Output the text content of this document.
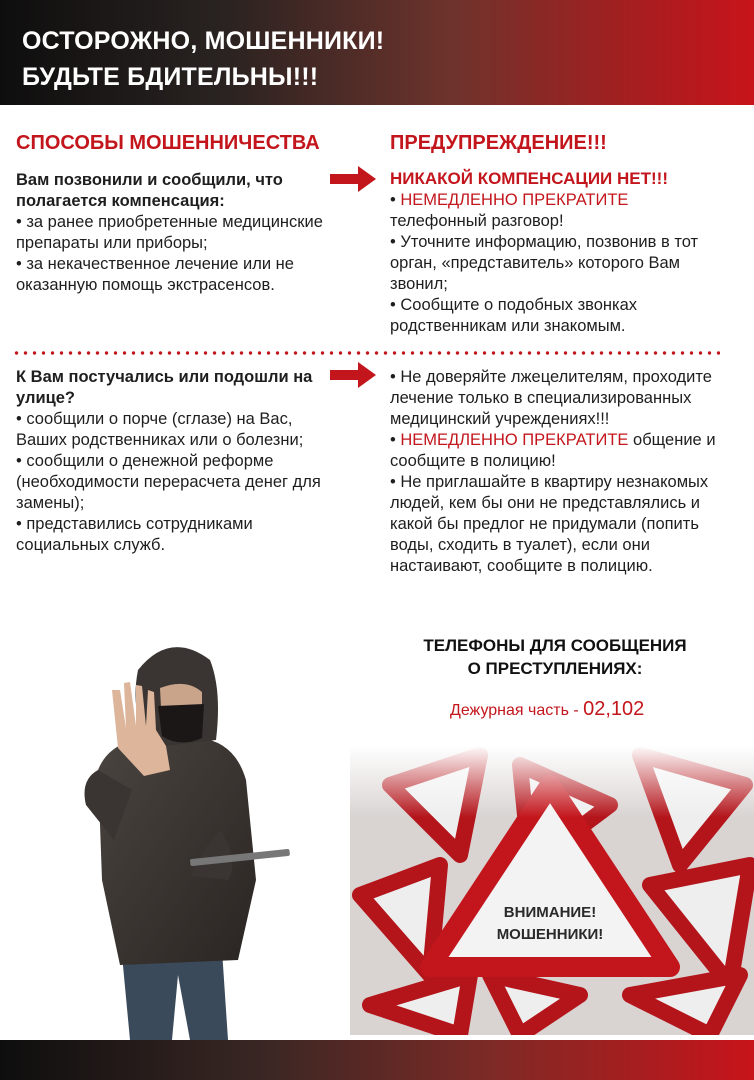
ОСТОРОЖНО, МОШЕННИКИ!
БУДЬТЕ БДИТЕЛЬНЫ!!!
СПОСОБЫ МОШЕННИЧЕСТВА	ПРЕДУПРЕЖДЕНИЕ!!!

Вам позвонили и сообщили, что полагается компенсация:

• за ранее приобретенные медицинские препараты или приборы;

• за некачественное лечение или не оказанную помощь экстрасенсов.

НИКАКОЙ КОМПЕНСАЦИИ НЕТ!!!

• НЕМЕДЛЕННО ПРЕКРАТИТЕ

телефонный разговор!

• Уточните информацию, позвонив в тот орган, «представитель» которого Вам звонил;

• Сообщите о подобных звонках родственникам или знакомым.

К Вам постучались или подошли на улице?

• сообщили о порче (сглазе) на Вас, Ваших родственниках или о болезни;

• сообщили о денежной реформе (необходимости перерасчета денег для замены);

• представились сотрудниками социальных служб.

• Не доверяйте лжецелителям, проходите лечение только в специализированных медицинский учреждениях!!!

• НЕМЕДЛЕННО ПРЕКРАТИТЕ общение и сообщите в полицию!

• Не приглашайте в квартиру незнакомых людей, кем бы они не представлялись и какой бы предлог не придумали (попить воды, сходить в туалет), если они настаивают, сообщите в полицию.

ТЕЛЕФОНЫ ДЛЯ СООБЩЕНИЯ
О ПРЕСТУПЛЕНИЯХ:
Дежурная часть - 02,102
ВНИМАНИЕ!
МОШЕННИКИ!
